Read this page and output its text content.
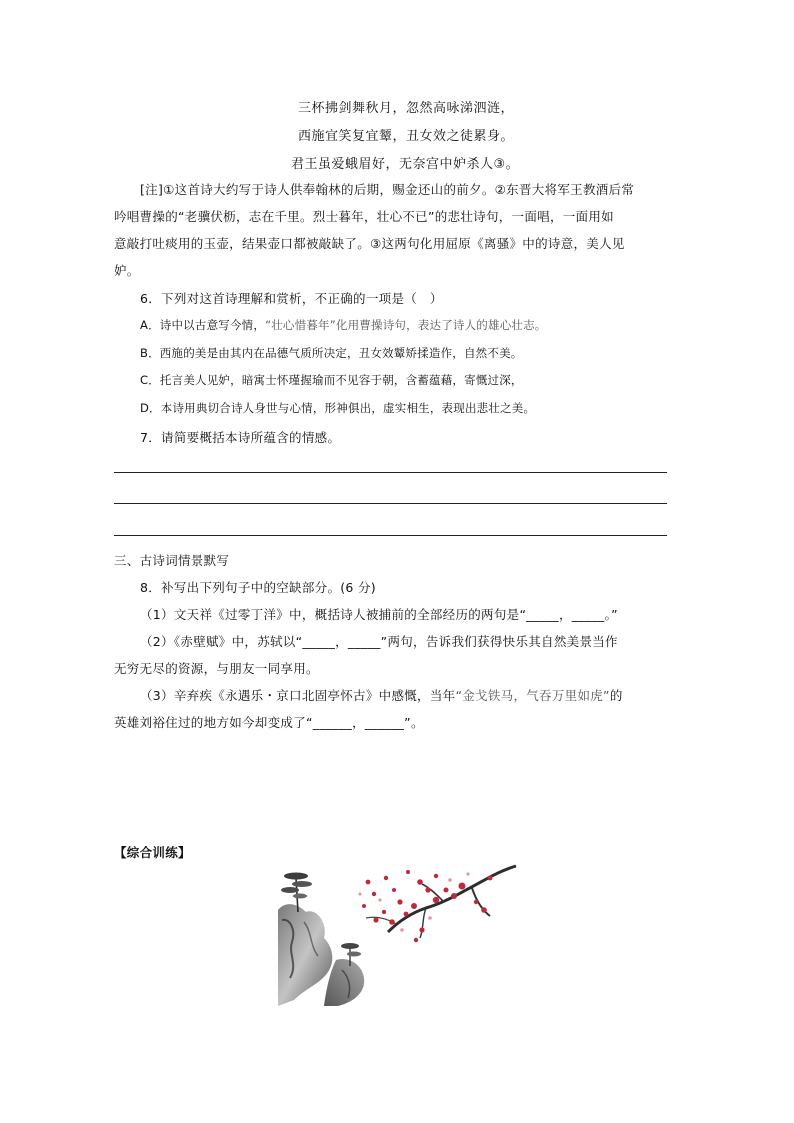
三杯拂剑舞秋月，忽然高咏涕泗涟，
西施宜笑复宜颦，丑女效之徒累身。
君王虽爱蛾眉好，无奈宫中妒杀人③。
[注]①这首诗大约写于诗人供奉翰林的后期，赐金还山的前夕。②东晋大将军王教酒后常
吟唱曹操的“老骥伏枥，志在千里。烈士暮年，壮心不已”的悲壮诗句，一面唱，一面用如
意敲打吐痰用的玉壶，结果壶口都被敲缺了。③这两句化用屈原《离骚》中的诗意，美人见
妒。
6．下列对这首诗理解和赏析，不正确的一项是（　）
A．诗中以古意写今情，“壮心惜暮年”化用曹操诗句，表达了诗人的雄心壮志。
B．西施的美是由其内在品德气质所决定，丑女效颦矫揉造作，自然不美。
C．托言美人见妒，暗寓士怀瑾握瑜而不见容于朝，含蓄蕴藉，寄慨过深，
D．本诗用典切合诗人身世与心情，形神俱出，虚实相生，表现出悲壮之美。
7．请简要概括本诗所蕴含的情感。
三、古诗词情景默写
8．补写出下列句子中的空缺部分。(6 分)
（1）文天祥《过零丁洋》中，概括诗人被捕前的全部经历的两句是“_____，_____。”
（2）《赤壁赋》中，苏轼以“_____，_____”两句，告诉我们获得快乐其自然美景当作
无穷无尽的资源，与朋友一同享用。
（3）辛弃疾《永遇乐・京口北固亭怀古》中感慨，当年“金戈铁马，气吞万里如虎”的
英雄刘裕住过的地方如今却变成了“______，______”。
【综合训练】
